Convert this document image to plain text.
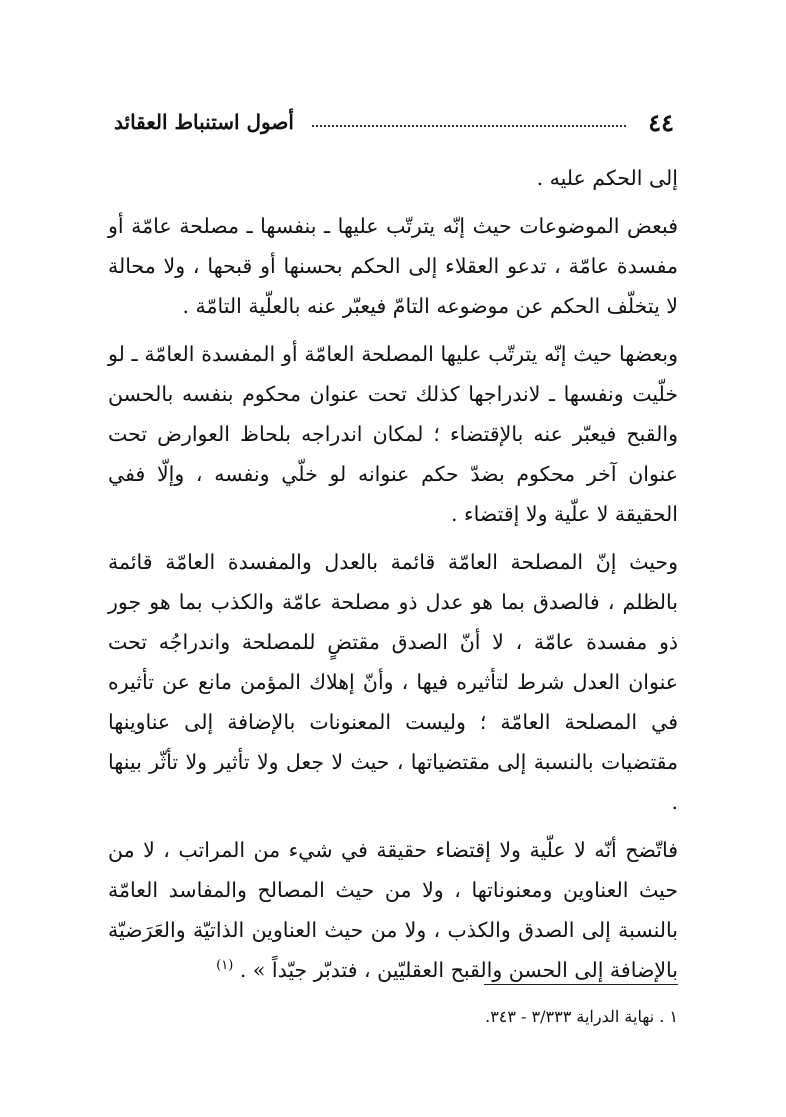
٤٤
أصول استنباط العقائد

إلى الحكم عليه .

فبعض الموضوعات حيث إنّه يترتّب عليها ـ بنفسها ـ مصلحة عامّة أو مفسدة عامّة ، تدعو العقلاء إلى الحكم بحسنها أو قبحها ، ولا محالة لا يتخلّف الحكم عن موضوعه التامّ فيعبّر عنه بالعلّية التامّة .

وبعضها حيث إنّه يترتّب عليها المصلحة العامّة أو المفسدة العامّة ـ لو خلّيت ونفسها ـ لاندراجها كذلك تحت عنوان محكوم بنفسه بالحسن والقبح فيعبّر عنه بالإقتضاء ؛ لمكان اندراجه بلحاظ العوارض تحت عنوان آخر محكوم بضدّ حكم عنوانه لو خلّي ونفسه ، وإلّا ففي الحقيقة لا علّية ولا إقتضاء .

وحيث إنّ المصلحة العامّة قائمة بالعدل والمفسدة العامّة قائمة بالظلم ، فالصدق بما هو عدل ذو مصلحة عامّة والكذب بما هو جور ذو مفسدة عامّة ، لا أنّ الصدق مقتضٍ للمصلحة واندراجُه تحت عنوان العدل شرط لتأثيره فيها ، وأنّ إهلاك المؤمن مانع عن تأثيره في المصلحة العامّة ؛ وليست المعنونات بالإضافة إلى عناوينها مقتضيات بالنسبة إلى مقتضياتها ، حيث لا جعل ولا تأثير ولا تأثّر بينها .

فاتّضح أنّه لا علّية ولا إقتضاء حقيقة في شيء من المراتب ، لا من حيث العناوين ومعنوناتها ، ولا من حيث المصالح والمفاسد العامّة بالنسبة إلى الصدق والكذب ، ولا من حيث العناوين الذاتيّة والعَرَضيّة بالإضافة إلى الحسن والقبح العقليّين ، فتدبّر جيّداً » . $^{(١)}$

١ . نهاية الدراية ٣/٣٣٣ - ٣٤٣.
